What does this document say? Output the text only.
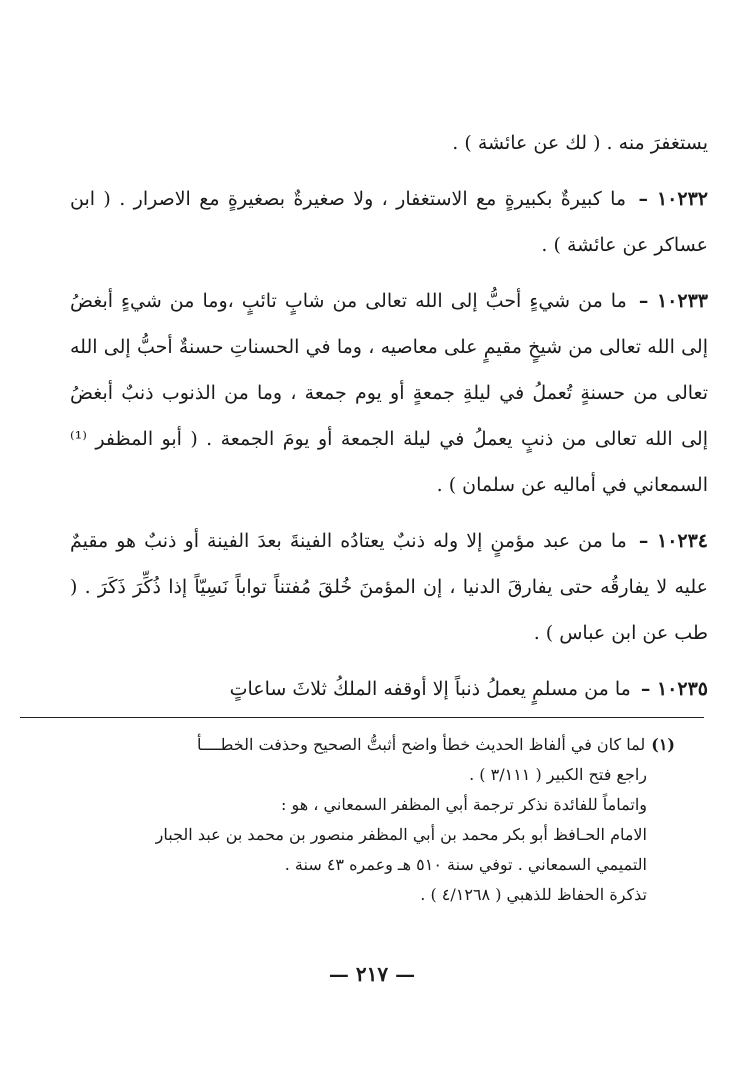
يستغفرَ منه . ( لك عن عائشة ) .

١٠٢٣٢ – ما كبيرةٌ بكبيرةٍ مع الاستغفار ، ولا صغيرةٌ بصغيرةٍ مع الاصرار . ( ابن عساكر عن عائشة ) .

١٠٢٣٣ – ما من شيءٍ أحبُّ إلى الله تعالى من شابٍ تائبٍ ،وما من شيءٍ أبغضُ إلى الله تعالى من شيخٍ مقيمٍ على معاصيه ، وما في الحسناتِ حسنةٌ أحبُّ إلى الله تعالى من حسنةٍ تُعملُ في ليلةِ جمعةٍ أو يوم جمعة ، وما من الذنوب ذنبٌ أبغضُ إلى الله تعالى من ذنبٍ يعملُ في ليلة الجمعة أو يومَ الجمعة . ( أبو المظفر ⁽¹⁾ السمعاني في أماليه عن سلمان ) .

١٠٢٣٤ – ما من عبد مؤمنٍ إلا وله ذنبٌ يعتادُه الفينةَ بعدَ الفينة أو ذنبٌ هو مقيمٌ عليه لا يفارقُه حتى يفارقَ الدنيا ، إن المؤمنَ خُلقَ مُفتناً تواباً نَسِيّاً إذا ذُكِّرَ ذَكَرَ . ( طب عن ابن عباس ) .

١٠٢٣٥ – ما من مسلمٍ يعملُ ذنباً إلا أوقفه الملكُ ثلاثَ ساعاتٍ

(١)
لما كان في ألفاظ الحديث خطأ واضح أثبتُّ الصحيح وحذفت الخطــــأ

راجع فتح الكبير ( ٣/١١١ ) .

واتماماً للفائدة نذكر ترجمة أبي المظفر السمعاني ، هو :

الامام الحـافظ أبو بكر محمد بن أبي المظفر منصور بن محمد بن عبد الجبار

التميمي السمعاني . توفي سنة ٥١٠ هـ وعمره ٤٣ سنة .

تذكرة الحفاظ للذهبي ( ٤/١٢٦٨ ) .

— ٢١٧ —
